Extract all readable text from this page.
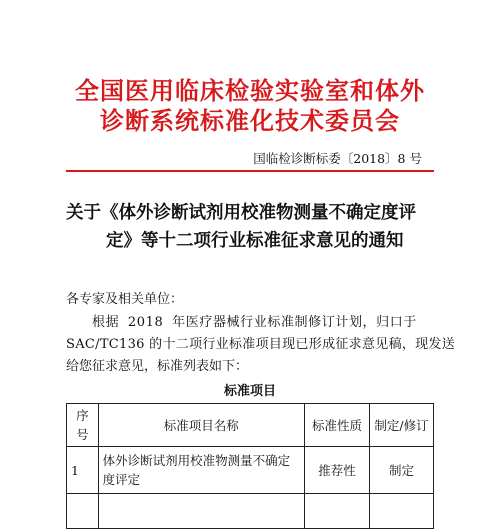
全国医用临床检验实验室和体外
诊断系统标准化技术委员会
国临检诊断标委〔2018〕8 号
关于《体外诊断试剂用校准物测量不确定度评
定》等十二项行业标准征求意见的通知
各专家及相关单位：
根据 2018 年医疗器械行业标准制修订计划，归口于
SAC/TC136 的十二项行业标准项目现已形成征求意见稿，现发送
给您征求意见，标准列表如下：
标准项目
序号	标准项目名称	标准性质	制定/修订
1	体外诊断试剂用校准物测量不确定度评定	推荐性	制定
